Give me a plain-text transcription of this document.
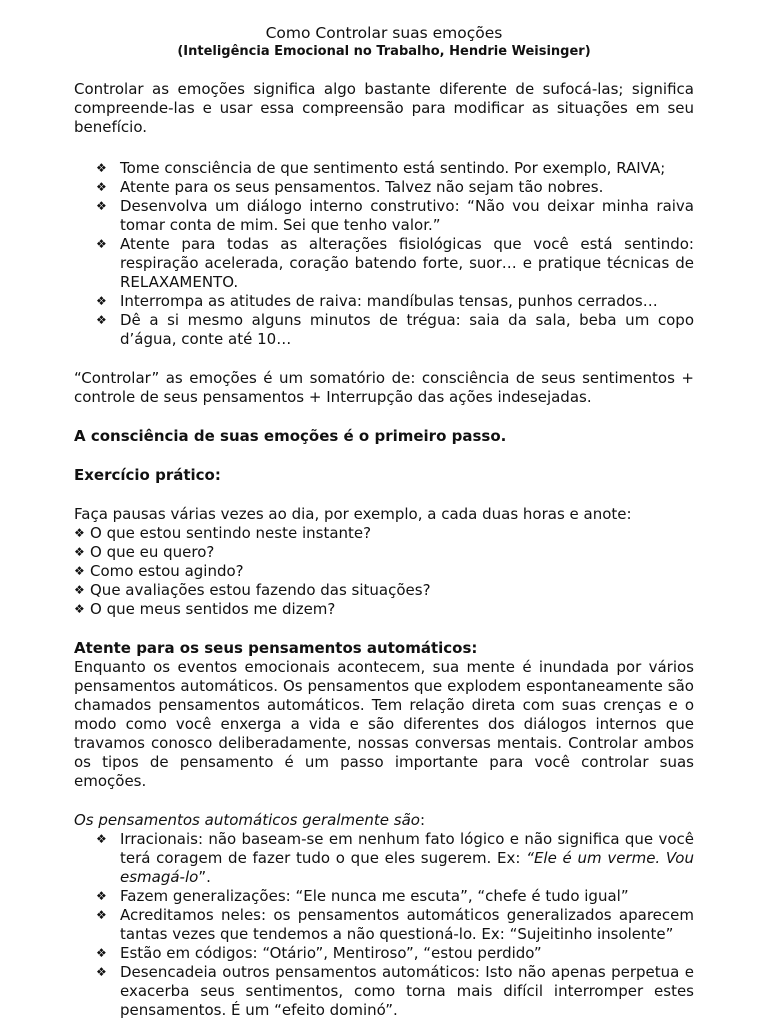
Como Controlar suas emoções
(Inteligência Emocional no Trabalho, Hendrie Weisinger)

Controlar as emoções significa algo bastante diferente de sufocá-las; significa compreende-las e usar essa compreensão para modificar as situações em seu benefício.

❖ Tome consciência de que sentimento está sentindo. Por exemplo, RAIVA;
❖ Atente para os seus pensamentos. Talvez não sejam tão nobres.
❖ Desenvolva um diálogo interno construtivo: “Não vou deixar minha raiva tomar conta de mim. Sei que tenho valor.”
❖ Atente para todas as alterações fisiológicas que você está sentindo: respiração acelerada, coração batendo forte, suor… e pratique técnicas de RELAXAMENTO.
❖ Interrompa as atitudes de raiva: mandíbulas tensas, punhos cerrados…
❖ Dê a si mesmo alguns minutos de trégua: saia da sala, beba um copo d’água, conte até 10…

“Controlar” as emoções é um somatório de: consciência de seus sentimentos + controle de seus pensamentos + Interrupção das ações indesejadas.

A consciência de suas emoções é o primeiro passo.

Exercício prático:

Faça pausas várias vezes ao dia, por exemplo, a cada duas horas e anote:

❖ O que estou sentindo neste instante?
❖ O que eu quero?
❖ Como estou agindo?
❖ Que avaliações estou fazendo das situações?
❖ O que meus sentidos me dizem?

Atente para os seus pensamentos automáticos:

Enquanto os eventos emocionais acontecem, sua mente é inundada por vários pensamentos automáticos. Os pensamentos que explodem espontaneamente são chamados pensamentos automáticos. Tem relação direta com suas crenças e o modo como você enxerga a vida e são diferentes dos diálogos internos que travamos conosco deliberadamente, nossas conversas mentais. Controlar ambos os tipos de pensamento é um passo importante para você controlar suas emoções.

Os pensamentos automáticos geralmente são:

❖ Irracionais: não baseam-se em nenhum fato lógico e não significa que você terá coragem de fazer tudo o que eles sugerem. Ex: “Ele é um verme. Vou esmagá-lo”.
❖ Fazem generalizações: “Ele nunca me escuta”, “chefe é tudo igual”
❖ Acreditamos neles: os pensamentos automáticos generalizados aparecem tantas vezes que tendemos a não questioná-lo. Ex: “Sujeitinho insolente”
❖ Estão em códigos: “Otário”, Mentiroso”, “estou perdido”
❖ Desencadeia outros pensamentos automáticos: Isto não apenas perpetua e exacerba seus sentimentos, como torna mais difícil interromper estes pensamentos. É um “efeito dominó”.
